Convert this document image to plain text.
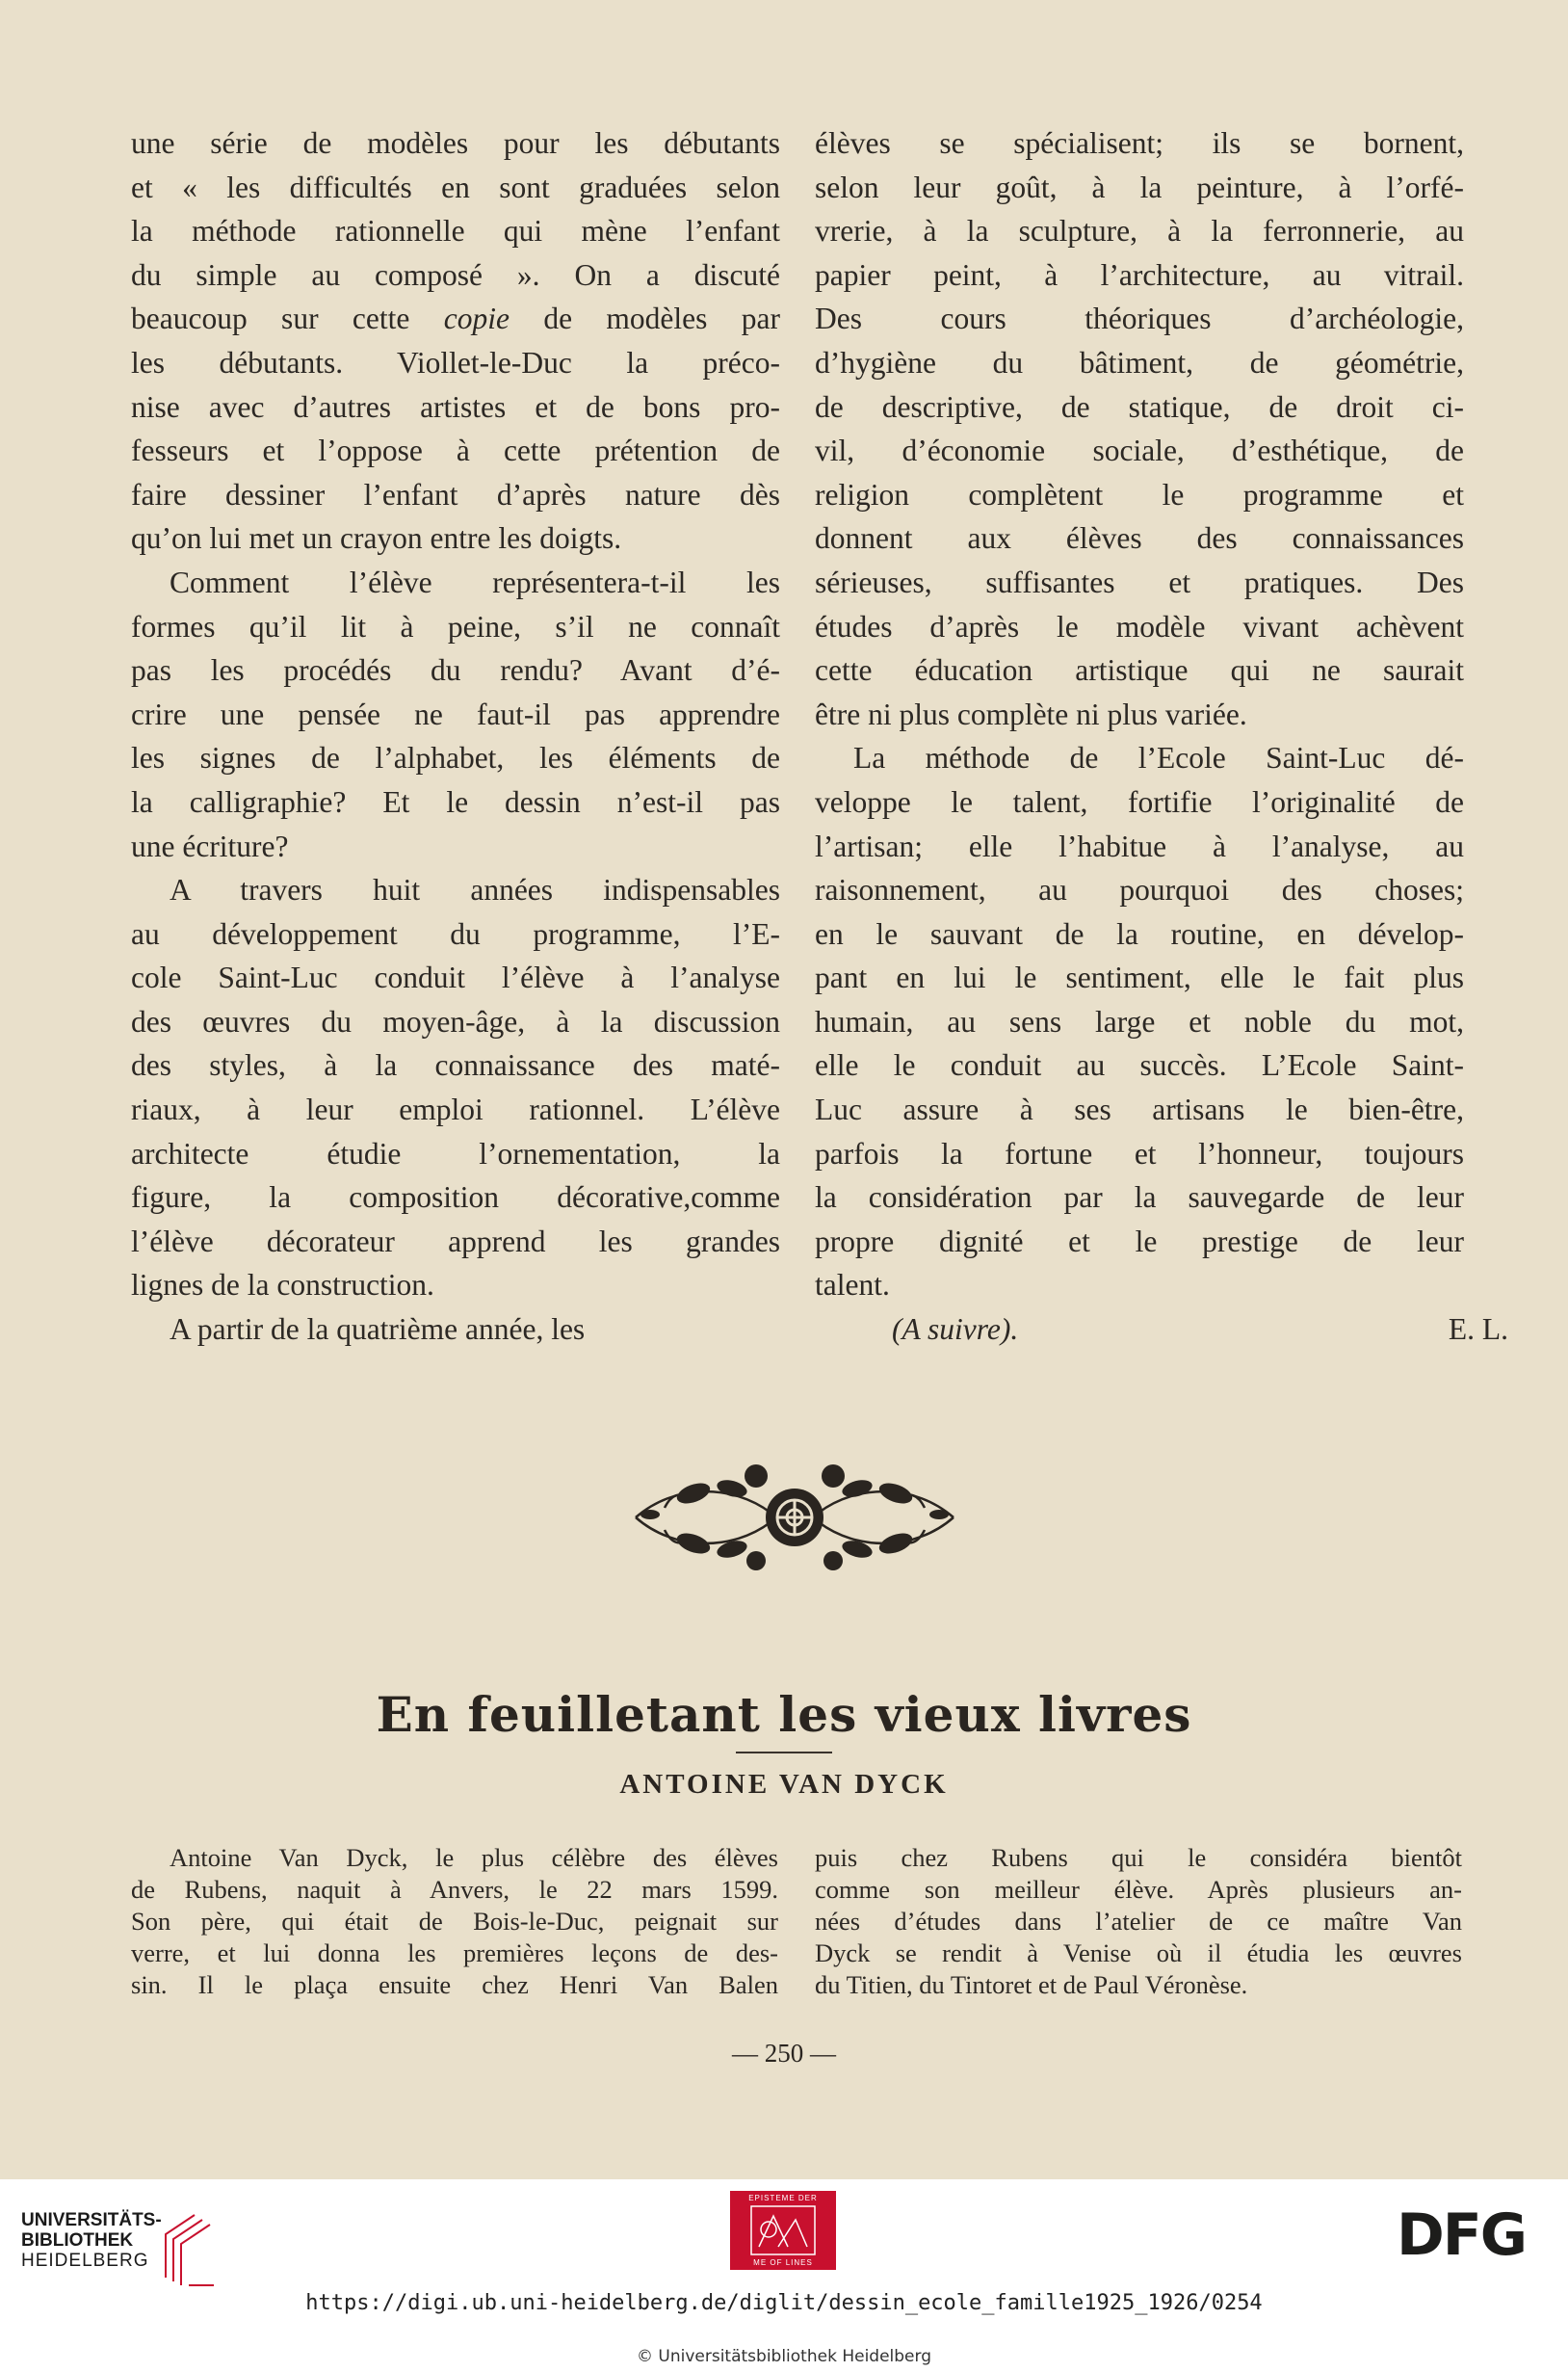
une série de modèles pour les débutants
et « les difficultés en sont graduées selon
la méthode rationnelle qui mène l’enfant
du simple au composé ». On a discuté
beaucoup sur cette copie de modèles par
les débutants. Viollet-le-Duc la préco-
nise avec d’autres artistes et de bons pro-
fesseurs et l’oppose à cette prétention de
faire dessiner l’enfant d’après nature dès
qu’on lui met un crayon entre les doigts.
Comment l’élève représentera-t-il les
formes qu’il lit à peine, s’il ne connaît
pas les procédés du rendu? Avant d’é-
crire une pensée ne faut-il pas apprendre
les signes de l’alphabet, les éléments de
la calligraphie? Et le dessin n’est-il pas
une écriture?
A travers huit années indispensables
au développement du programme, l’E-
cole Saint-Luc conduit l’élève à l’analyse
des œuvres du moyen-âge, à la discussion
des styles, à la connaissance des maté-
riaux, à leur emploi rationnel. L’élève
architecte étudie l’ornementation, la
figure, la composition décorative,comme
l’élève décorateur apprend les grandes
lignes de la construction.
A partir de la quatrième année, les
élèves se spécialisent; ils se bornent,
selon leur goût, à la peinture, à l’orfé-
vrerie, à la sculpture, à la ferronnerie, au
papier peint, à l’architecture, au vitrail.
Des cours théoriques d’archéologie,
d’hygiène du bâtiment, de géométrie,
de descriptive, de statique, de droit ci-
vil, d’économie sociale, d’esthétique, de
religion complètent le programme et
donnent aux élèves des connaissances
sérieuses, suffisantes et pratiques. Des
études d’après le modèle vivant achèvent
cette éducation artistique qui ne saurait
être ni plus complète ni plus variée.
La méthode de l’Ecole Saint-Luc dé-
veloppe le talent, fortifie l’originalité de
l’artisan; elle l’habitue à l’analyse, au
raisonnement, au pourquoi des choses;
en le sauvant de la routine, en dévelop-
pant en lui le sentiment, elle le fait plus
humain, au sens large et noble du mot,
elle le conduit au succès. L’Ecole Saint-
Luc assure à ses artisans le bien-être,
parfois la fortune et l’honneur, toujours
la considération par la sauvegarde de leur
propre dignité et le prestige de leur
talent.
(A suivre).	E. L.
En feuilletant les vieux livres
ANTOINE VAN DYCK
Antoine Van Dyck, le plus célèbre des élèves
de Rubens, naquit à Anvers, le 22 mars 1599.
Son père, qui était de Bois-le-Duc, peignait sur
verre, et lui donna les premières leçons de des-
sin. Il le plaça ensuite chez Henri Van Balen
puis chez Rubens qui le considéra bientôt
comme son meilleur élève. Après plusieurs an-
nées d’études dans l’atelier de ce maître Van
Dyck se rendit à Venise où il étudia les œuvres
du Titien, du Tintoret et de Paul Véronèse.
— 250 —
UNIVERSITÄTS-
BIBLIOTHEK
HEIDELBERG
EPISTEME DER
ME OF LINES	DFG
https://digi.ub.uni-heidelberg.de/diglit/dessin_ecole_famille1925_1926/0254
© Universitätsbibliothek Heidelberg
